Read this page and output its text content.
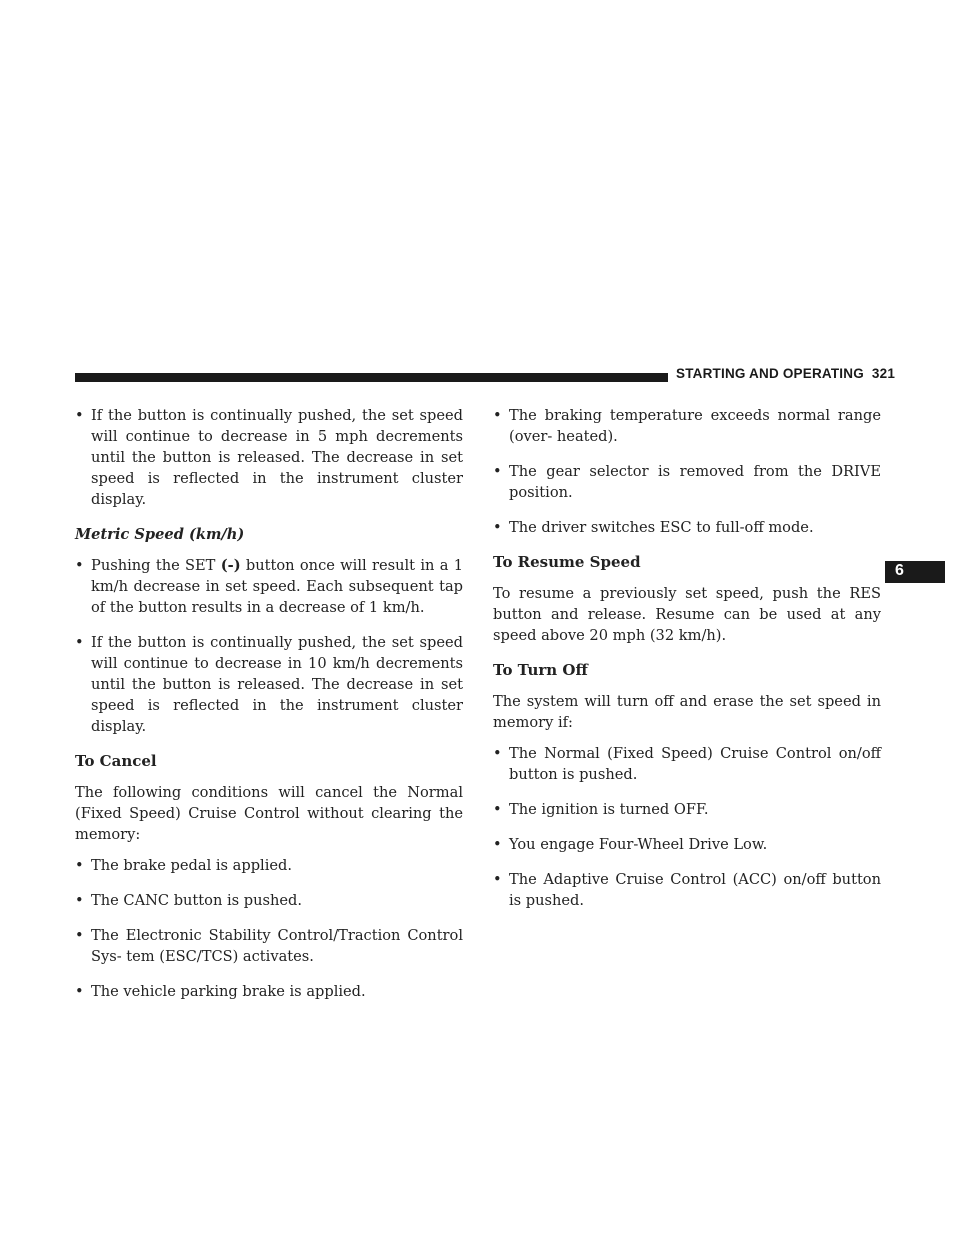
STARTING AND OPERATING 321
6
• If the button is continually pushed, the set speed will continue to decrease in 5 mph decrements until the button is released. The decrease in set speed is reflected in the instrument cluster display.
Metric Speed (km/h)
• Pushing the SET (-) button once will result in a 1 km/h decrease in set speed. Each subsequent tap of the button results in a decrease of 1 km/h.
• If the button is continually pushed, the set speed will continue to decrease in 10 km/h decrements until the button is released. The decrease in set speed is reflected in the instrument cluster display.
To Cancel

The following conditions will cancel the Normal (Fixed Speed) Cruise Control without clearing the memory:

• The brake pedal is applied.
• The CANC button is pushed.
• The Electronic Stability Control/Traction Control Sys- tem (ESC/TCS) activates.
• The vehicle parking brake is applied.
• The braking temperature exceeds normal range (over- heated).
• The gear selector is removed from the DRIVE position.
• The driver switches ESC to full-off mode.
To Resume Speed

To resume a previously set speed, push the RES button and release. Resume can be used at any speed above 20 mph (32 km/h).

To Turn Off

The system will turn off and erase the set speed in memory if:

• The Normal (Fixed Speed) Cruise Control on/off button is pushed.
• The ignition is turned OFF.
• You engage Four-Wheel Drive Low.
• The Adaptive Cruise Control (ACC) on/off button is pushed.
